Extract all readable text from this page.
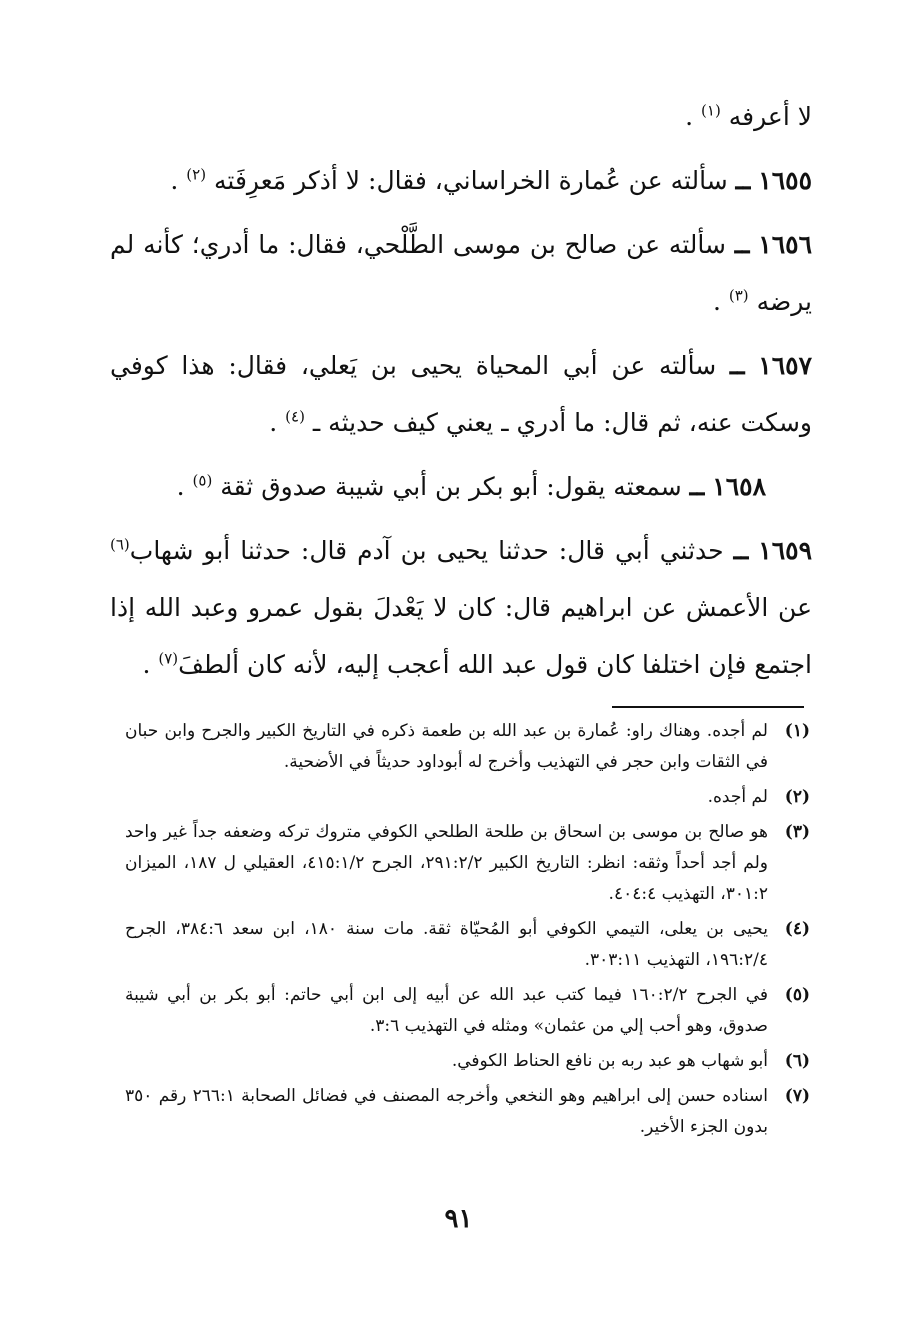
لا أعرفه $^{(١)}$ .

١٦٥٥ ــ سألته عن عُمارة الخراساني، فقال: لا أذكر مَعرِفَته $^{(٢)}$ .

١٦٥٦ ــ سألته عن صالح بن موسى الطَّلْحي، فقال: ما أدري؛ كأنه لم يرضه $^{(٣)}$ .

١٦٥٧ ــ سألته عن أبي المحياة يحيى بن يَعلي، فقال: هذا كوفي وسكت عنه، ثم قال: ما أدري ـ يعني كيف حديثه ـ $^{(٤)}$ .

١٦٥٨ ــ سمعته يقول: أبو بكر بن أبي شيبة صدوق ثقة $^{(٥)}$ .

١٦٥٩ ــ حدثني أبي قال: حدثنا يحيى بن آدم قال: حدثنا أبو شهاب$^{(٦)}$ عن الأعمش عن ابراهيم قال: كان لا يَعْدلَ بقول عمرو وعبد الله إذا اجتمع فإن اختلفا كان قول عبد الله أعجب إليه، لأنه كان ألطفَ$^{(٧)}$ .

(١)
لم أجده. وهناك راو: عُمارة بن عبد الله بن طعمة ذكره في التاريخ الكبير والجرح وابن حبان في الثقات وابن حجر في التهذيب وأخرج له أبوداود حديثاً في الأضحية.
(٢)
لم أجده.
(٣)
هو صالح بن موسى بن اسحاق بن طلحة الطلحي الكوفي متروك تركه وضعفه جداً غير واحد ولم أجد أحداً وثقه: انظر: التاريخ الكبير ٢٩١:٢/٢، الجرح ٤١٥:١/٢، العقيلي ل ١٨٧، الميزان ٣٠١:٢، التهذيب ٤٠٤:٤.
(٤)
يحيى بن يعلى، التيمي الكوفي أبو المُحيّاة ثقة. مات سنة ١٨٠، ابن سعد ٣٨٤:٦، الجرح ١٩٦:٢/٤، التهذيب ٣٠٣:١١.
(٥)
في الجرح ١٦٠:٢/٢ فيما كتب عبد الله عن أبيه إلى ابن أبي حاتم: أبو بكر بن أبي شيبة صدوق، وهو أحب إلي من عثمان» ومثله في التهذيب ٣:٦.
(٦)
أبو شهاب هو عبد ربه بن نافع الحناط الكوفي.
(٧)
اسناده حسن إلى ابراهيم وهو النخعي وأخرجه المصنف في فضائل الصحابة ٢٦٦:١ رقم ٣٥٠ بدون الجزء الأخير.
٩١
